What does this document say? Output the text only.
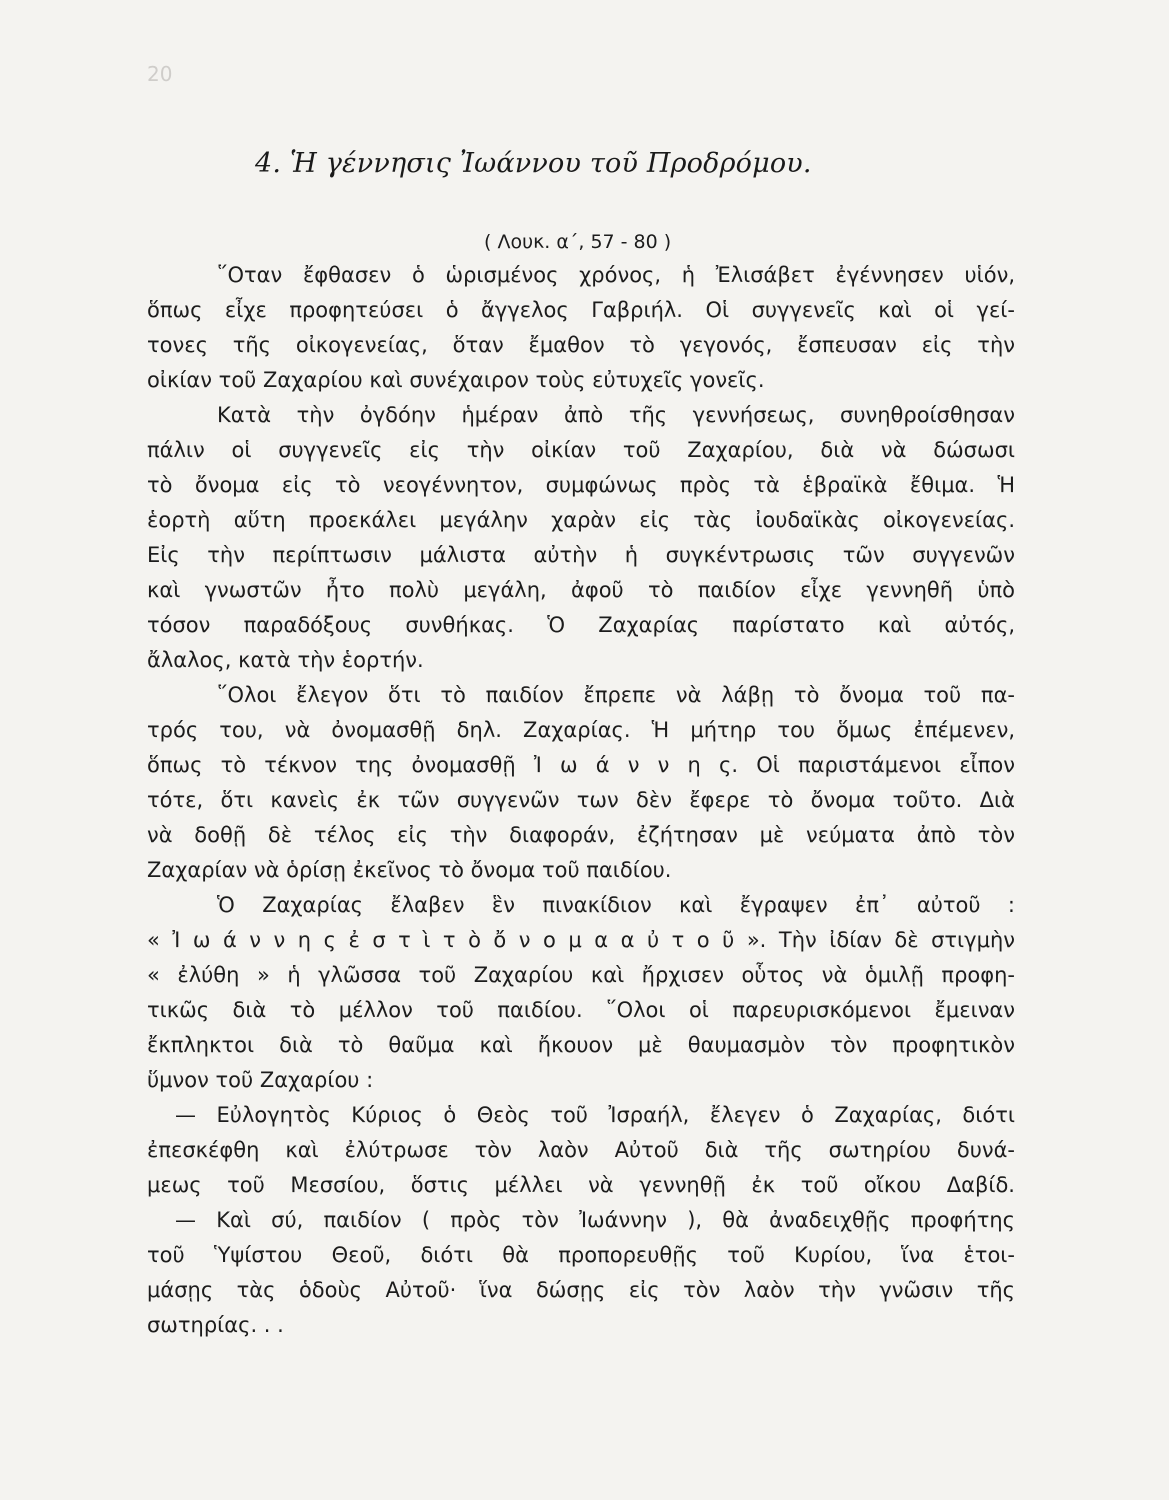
20
4. Ἡ γέννησις Ἰωάννου τοῦ Προδρόμου.
( Λουκ. α΄, 57 - 80 )
῞Οταν ἔφθασεν ὁ ὡρισμένος χρόνος, ἡ Ἐλισάβετ ἐγέννησεν υἱόν,
ὅπως εἶχε προφητεύσει ὁ ἄγγελος Γαβριήλ. Οἱ συγγενεῖς καὶ οἱ γεί-
τονες τῆς οἰκογενείας, ὅταν ἔμαθον τὸ γεγονός, ἔσπευσαν εἰς τὴν
οἰκίαν τοῦ Ζαχαρίου καὶ συνέχαιρον τοὺς εὐτυχεῖς γονεῖς.
Κατὰ τὴν ὀγδόην ἡμέραν ἀπὸ τῆς γεννήσεως, συνηθροίσθησαν
πάλιν οἱ συγγενεῖς εἰς τὴν οἰκίαν τοῦ Ζαχαρίου, διὰ νὰ δώσωσι
τὸ ὄνομα εἰς τὸ νεογέννητον, συμφώνως πρὸς τὰ ἑβραϊκὰ ἔθιμα. Ἡ
ἑορτὴ αὕτη προεκάλει μεγάλην χαρὰν εἰς τὰς ἰουδαϊκὰς οἰκογενείας.
Εἰς τὴν περίπτωσιν μάλιστα αὐτὴν ἡ συγκέντρωσις τῶν συγγενῶν
καὶ γνωστῶν ἦτο πολὺ μεγάλη, ἀφοῦ τὸ παιδίον εἶχε γεννηθῆ ὑπὸ
τόσον παραδόξους συνθήκας. Ὁ Ζαχαρίας παρίστατο καὶ αὐτός,
ἄλαλος, κατὰ τὴν ἑορτήν.
῞Ολοι ἔλεγον ὅτι τὸ παιδίον ἔπρεπε νὰ λάβῃ τὸ ὄνομα τοῦ πα-
τρός του, νὰ ὀνομασθῇ δηλ. Ζαχαρίας. Ἡ μήτηρ του ὅμως ἐπέμενεν,
ὅπως τὸ τέκνον της ὀνομασθῇ Ἰ ω ά ν ν η ς. Οἱ παριστάμενοι εἶπον
τότε, ὅτι κανεὶς ἐκ τῶν συγγενῶν των δὲν ἔφερε τὸ ὄνομα τοῦτο. Διὰ
νὰ δοθῇ δὲ τέλος εἰς τὴν διαφοράν, ἐζήτησαν μὲ νεύματα ἀπὸ τὸν
Ζαχαρίαν νὰ ὁρίσῃ ἐκεῖνος τὸ ὄνομα τοῦ παιδίου.
Ὁ Ζαχαρίας ἔλαβεν ἓν πινακίδιον καὶ ἔγραψεν ἐπ᾽ αὐτοῦ :
« Ἰ ω ά ν ν η ς ἐ σ τ ὶ τ ὸ ὄ ν ο μ α α ὐ τ ο ῦ ». Τὴν ἰδίαν δὲ στιγμὴν
« ἐλύθη » ἡ γλῶσσα τοῦ Ζαχαρίου καὶ ἤρχισεν οὗτος νὰ ὁμιλῇ προφη-
τικῶς διὰ τὸ μέλλον τοῦ παιδίου. ῞Ολοι οἱ παρευρισκόμενοι ἔμειναν
ἔκπληκτοι διὰ τὸ θαῦμα καὶ ἤκουον μὲ θαυμασμὸν τὸν προφητικὸν
ὕμνον τοῦ Ζαχαρίου :
— Εὐλογητὸς Κύριος ὁ Θεὸς τοῦ Ἰσραήλ, ἔλεγεν ὁ Ζαχαρίας, διότι
ἐπεσκέφθη καὶ ἐλύτρωσε τὸν λαὸν Αὐτοῦ διὰ τῆς σωτηρίου δυνά-
μεως τοῦ Μεσσίου, ὅστις μέλλει νὰ γεννηθῇ ἐκ τοῦ οἴκου Δαβίδ.
— Καὶ σύ, παιδίον ( πρὸς τὸν Ἰωάννην ), θὰ ἀναδειχθῇς προφήτης
τοῦ Ὑψίστου Θεοῦ, διότι θὰ προπορευθῇς τοῦ Κυρίου, ἵνα ἑτοι-
μάσῃς τὰς ὁδοὺς Αὐτοῦ· ἵνα δώσῃς εἰς τὸν λαὸν τὴν γνῶσιν τῆς
σωτηρίας. . .
